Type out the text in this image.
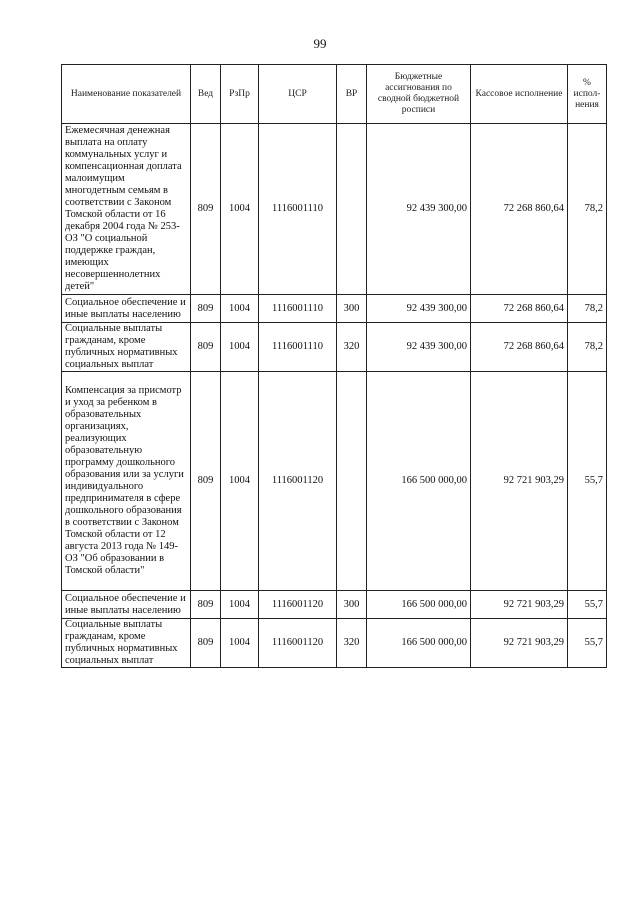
99
Наименование показателей	Вед	РзПр	ЦСР	ВР	Бюджетные ассигнования по сводной бюджетной росписи	Кассовое исполнение	% испол-нения
Ежемесячная денежная выплата на оплату коммунальных услуг и компенсационная доплата малоимущим многодетным семьям в соответствии с Законом Томской области от 16 декабря 2004 года № 253-ОЗ "О социальной поддержке граждан, имеющих несовершеннолетних детей"	809	1004	1116001110		92 439 300,00	72 268 860,64	78,2
Социальное обеспечение и иные выплаты населению	809	1004	1116001110	300	92 439 300,00	72 268 860,64	78,2
Социальные выплаты гражданам, кроме публичных нормативных социальных выплат	809	1004	1116001110	320	92 439 300,00	72 268 860,64	78,2
Компенсация за присмотр и уход за ребенком в образовательных организациях, реализующих образовательную программу дошкольного образования или за услуги индивидуального предпринимателя в сфере дошкольного образования в соответствии с Законом Томской области от 12 августа 2013 года № 149-ОЗ "Об образовании в Томской области"	809	1004	1116001120		166 500 000,00	92 721 903,29	55,7
Социальное обеспечение и иные выплаты населению	809	1004	1116001120	300	166 500 000,00	92 721 903,29	55,7
Социальные выплаты гражданам, кроме публичных нормативных социальных выплат	809	1004	1116001120	320	166 500 000,00	92 721 903,29	55,7
